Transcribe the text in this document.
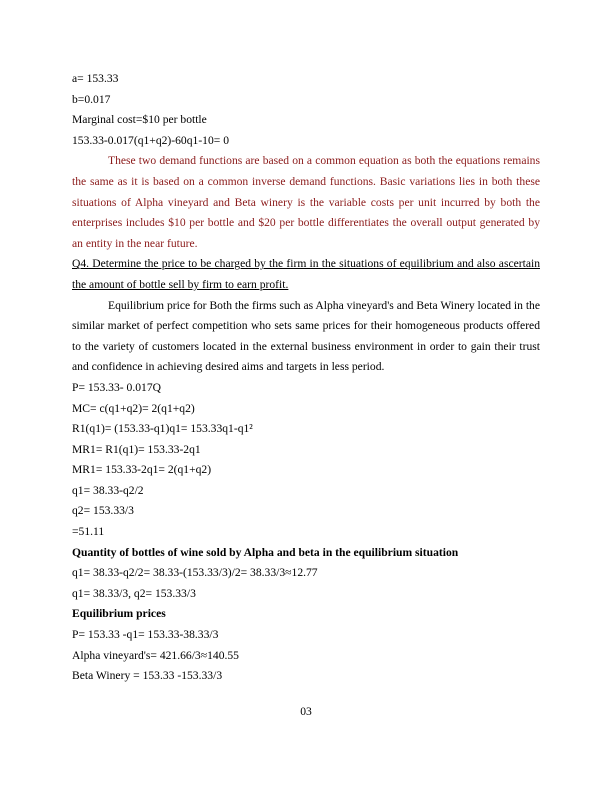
a= 153.33
b=0.017
Marginal cost=$10 per bottle
153.33-0.017(q1+q2)-60q1-10= 0

These two demand functions are based on a common equation as both the equations remains the same as it is based on a common inverse demand functions. Basic variations lies in both these situations of Alpha vineyard and Beta winery is the variable costs per unit incurred by both the enterprises includes $10 per bottle and $20 per bottle differentiates the overall output generated by an entity in the near future.

Q4. Determine the price to be charged by the firm in the situations of equilibrium and also ascertain the amount of bottle sell by firm to earn profit.

Equilibrium price for Both the firms such as Alpha vineyard's and Beta Winery located in the similar market of perfect competition who sets same prices for their homogeneous products offered to the variety of customers located in the external business environment in order to gain their trust and confidence in achieving desired aims and targets in less period.

P= 153.33- 0.017Q
MC= c(q1+q2)= 2(q1+q2)
R1(q1)= (153.33-q1)q1= 153.33q1-q1²
MR1= R1(q1)= 153.33-2q1
MR1= 153.33-2q1= 2(q1+q2)
q1= 38.33-q2/2
q2= 153.33/3
=51.11
Quantity of bottles of wine sold by Alpha and beta in the equilibrium situation
q1= 38.33-q2/2= 38.33-(153.33/3)/2= 38.33/3≈12.77
q1= 38.33/3, q2= 153.33/3
Equilibrium prices
P= 153.33 -q1= 153.33-38.33/3
Alpha vineyard's= 421.66/3≈140.55
Beta Winery = 153.33 -153.33/3
03
